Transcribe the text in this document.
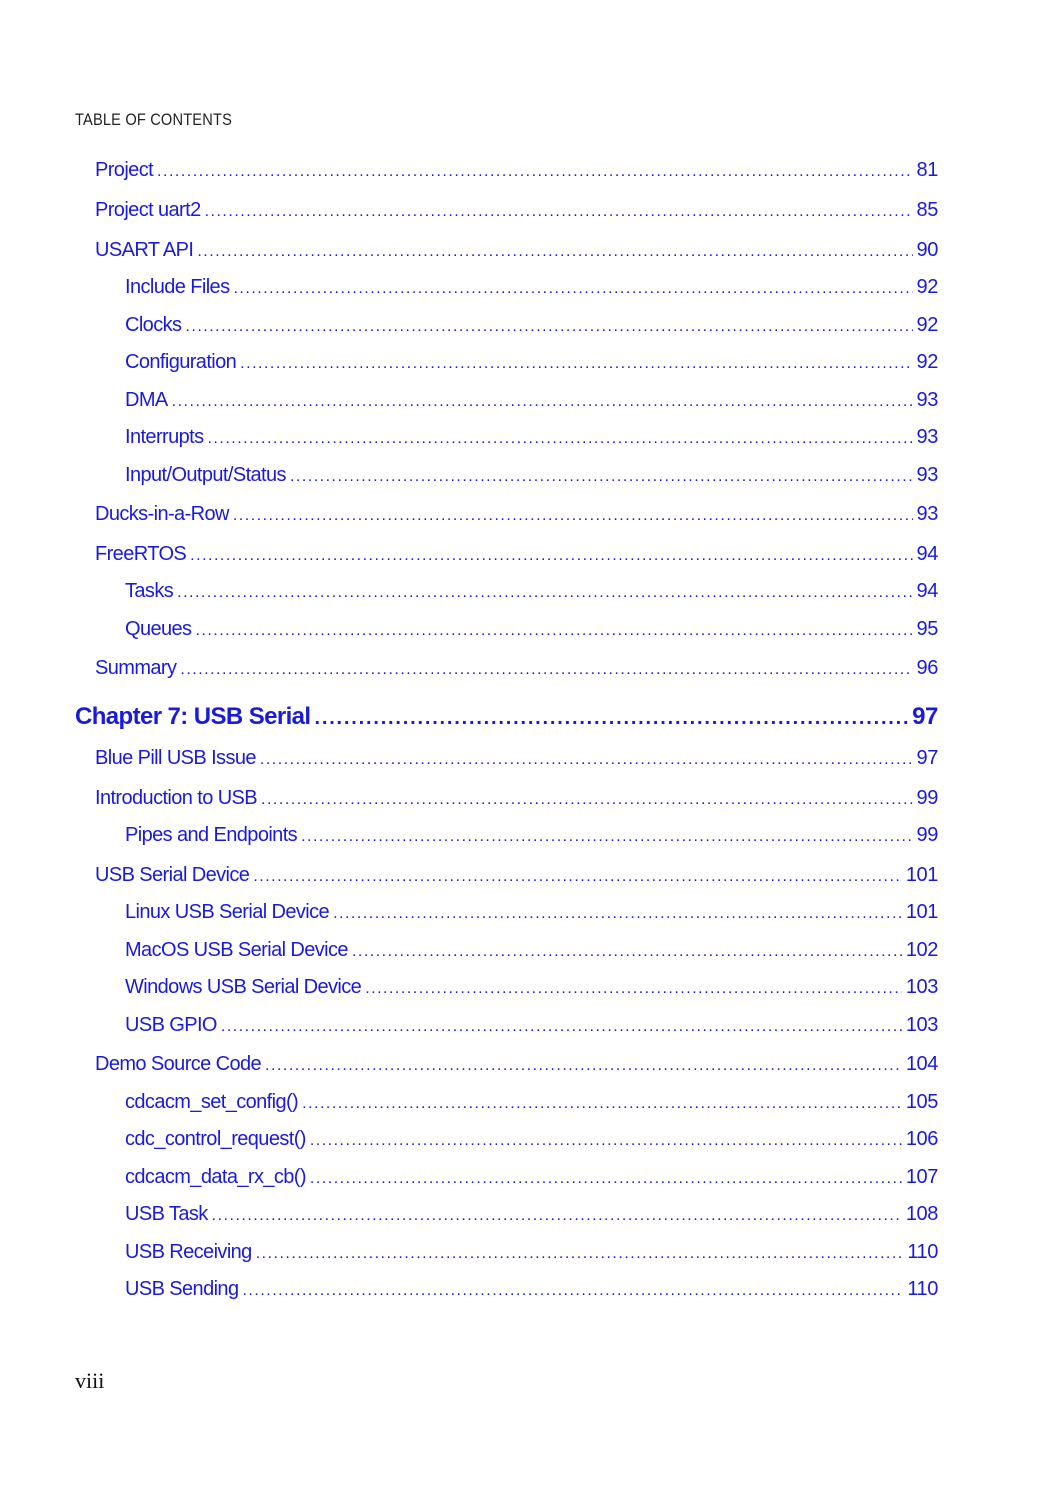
TABLE OF CONTENTS
Project .....	81
Project uart2 .....	85
USART API .....	90
Include Files .....	92
Clocks .....	92
Configuration .....	92
DMA .....	93
Interrupts .....	93
Input/Output/Status .....	93
Ducks-in-a-Row .....	93
FreeRTOS .....	94
Tasks .....	94
Queues .....	95
Summary .....	96
Chapter 7: USB Serial .....	97
Blue Pill USB Issue .....	97
Introduction to USB .....	99
Pipes and Endpoints .....	99
USB Serial Device .....	101
Linux USB Serial Device .....	101
MacOS USB Serial Device .....	102
Windows USB Serial Device .....	103
USB GPIO .....	103
Demo Source Code .....	104
cdcacm_set_config() .....	105
cdc_control_request() .....	106
cdcacm_data_rx_cb() .....	107
USB Task .....	108
USB Receiving .....	110
USB Sending .....	110
viii
